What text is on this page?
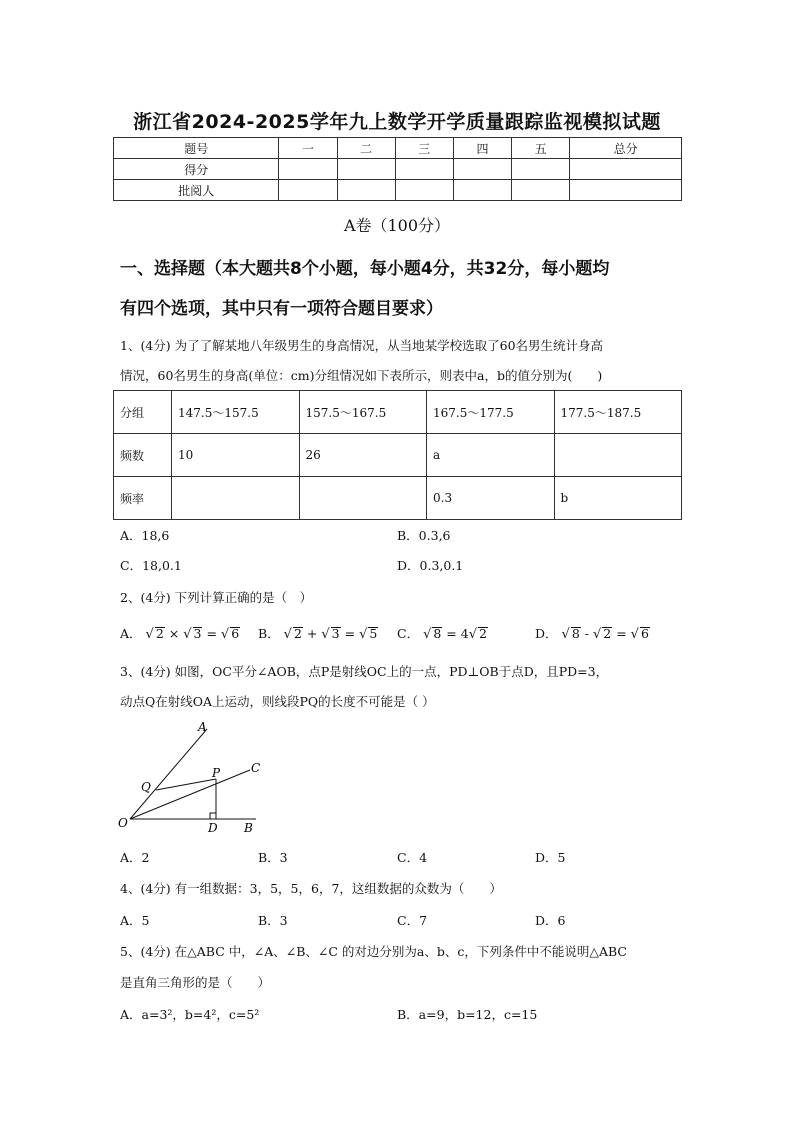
浙江省2024-2025学年九上数学开学质量跟踪监视模拟试题
题号	一	二	三	四	五	总分
得分						
批阅人						
A卷（100分）
一、选择题（本大题共8个小题，每小题4分，共32分，每小题均
有四个选项，其中只有一项符合题目要求）
1、(4分) 为了了解某地八年级男生的身高情况，从当地某学校选取了60名男生统计身高
情况，60名男生的身高(单位：cm)分组情况如下表所示，则表中a，b的值分别为(　　)
分组	147.5～157.5	157.5～167.5	167.5～177.5	177.5～187.5
频数	10	26	a	
频率			0.3	b
A．18,6	B．0.3,6
C．18,0.1	D．0.3,0.1
2、(4分) 下列计算正确的是（　）
A． √ 2 × √ 3 = √ 6 B． √ 2 + √ 3 = √ 5 C． √ 8 = 4√ 2	D． √ 8 - √ 2 = √ 6
3、(4分) 如图，OC平分∠AOB，点P是射线OC上的一点，PD⊥OB于点D，且PD=3，
动点Q在射线OA上运动，则线段PQ的长度不可能是（ ）
A
C
P
Q
O	D B
A．2	B．3	C．4	D．5
4、(4分) 有一组数据：3，5，5，6，7，这组数据的众数为（　　）
A．5	B．3	C．7	D．6
5、(4分) 在△ABC 中，∠A、∠B、∠C 的对边分别为a、b、c，下列条件中不能说明△ABC
是直角三角形的是（　　）
A．a=3²，b=4²，c=5²	B．a=9，b=12，c=15
